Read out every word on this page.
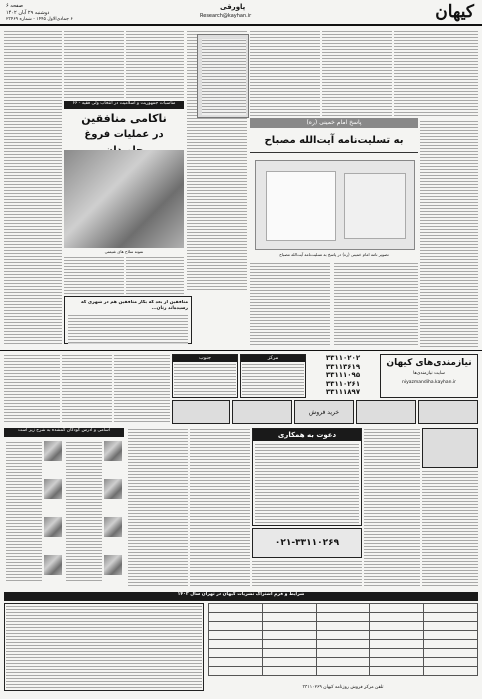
کیهان
پاورقی
Research@kayhan.ir
صفحه ۶
دوشنبه ۲۹ آبان ۱۴۰۲
۶ جمادی‌الاول ۱۴۴۵ - شماره ۲۳۴۶۹
مناسبات جمهوریت و اسلامیت در انتخاب ولی فقیه - ۶۶
ناکامی منافقین
در عملیات فروغ
نمونه سلاح های غنیمتی
منافقین از بعد که بکار منافقین هم در شهری که رسیده‌اند زنان...
پاسخ امام خمینی (ره)
به تسلیت‌نامه آیت‌الله مصباح
تصویر نامه امام خمینی (ره) در پاسخ به تسلیت‌نامه آیت‌الله مصباح
نیازمندی‌های کیهان
سایت نیازمندی‌ها
niyazmandiha.kayhan.ir
۳۳۱۱۰۲۰۲
۳۳۱۱۳۶۱۹
۳۳۱۱۱۰۹۵
۳۳۱۱۰۲۶۱
۳۳۱۱۱۸۹۷
مرکز
جنوب
خرید فروش
اسامی و آدرس کودکان گمشده به شرح زیر است
۰۲۱-۳۳۱۱۰۲۶۹
دعوت به همکاری
شرایط و فرم اشتراک نشریات کیهان در تهران سال ۱۴۰۲

تلفن مرکز فروش روزنامه کیهان ۳۳۱۱۰۲۶۹
